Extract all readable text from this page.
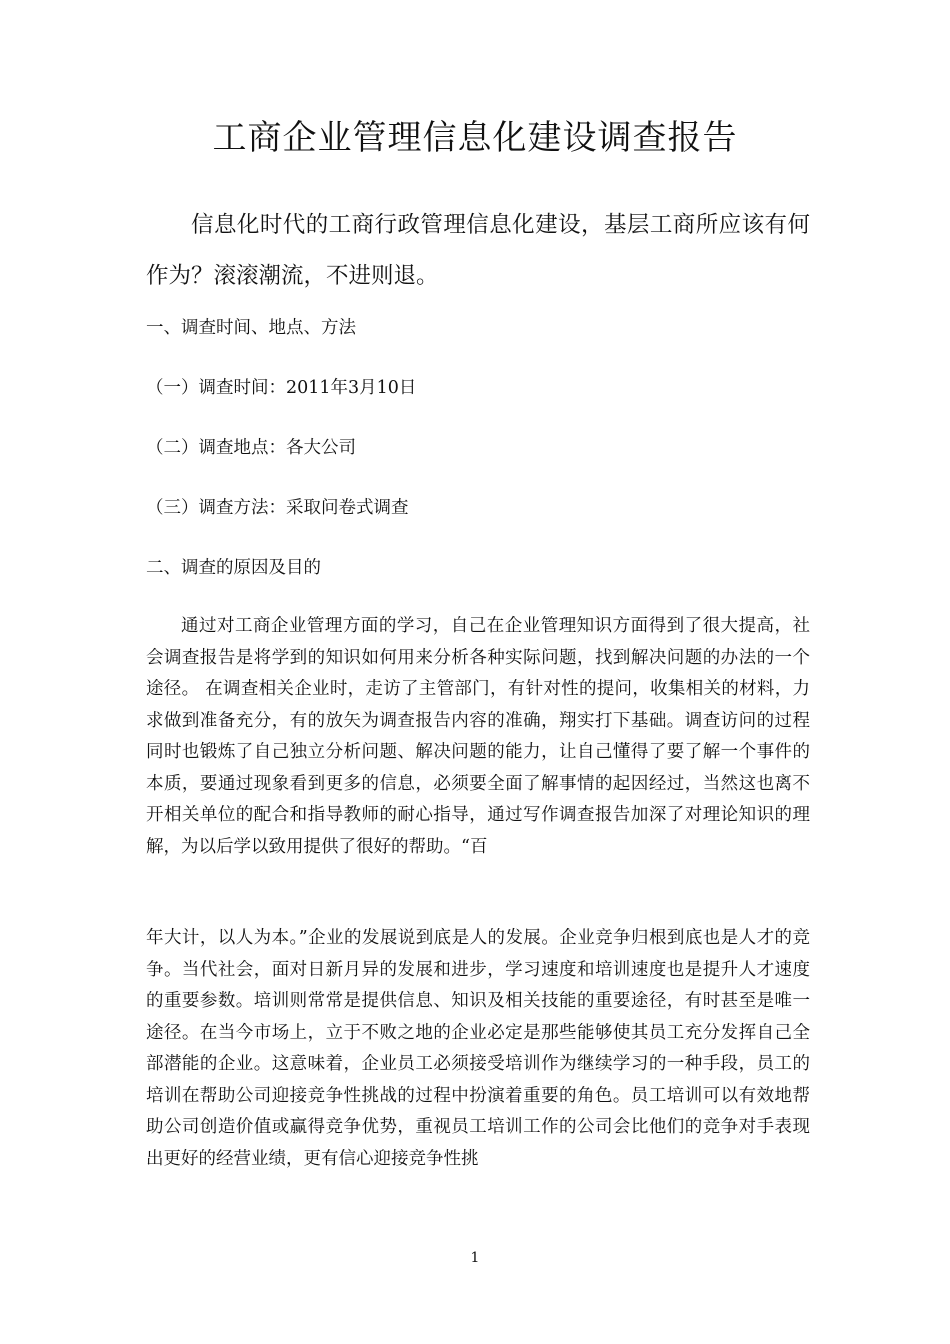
工商企业管理信息化建设调查报告

信息化时代的工商行政管理信息化建设，基层工商所应该有何作为？滚滚潮流，不进则退。

一、调查时间、地点、方法

（一）调查时间：2011年3月10日

（二）调查地点：各大公司

（三）调查方法：采取问卷式调查

二、调查的原因及目的

通过对工商企业管理方面的学习，自己在企业管理知识方面得到了很大提高，社会调查报告是将学到的知识如何用来分析各种实际问题，找到解决问题的办法的一个途径。 在调查相关企业时，走访了主管部门，有针对性的提问，收集相关的材料，力求做到准备充分，有的放矢为调查报告内容的准确，翔实打下基础。调查访问的过程同时也锻炼了自己独立分析问题、解决问题的能力，让自己懂得了要了解一个事件的本质，要通过现象看到更多的信息，必须要全面了解事情的起因经过，当然这也离不开相关单位的配合和指导教师的耐心指导，通过写作调查报告加深了对理论知识的理解，为以后学以致用提供了很好的帮助。“百

年大计，以人为本。”企业的发展说到底是人的发展。企业竞争归根到底也是人才的竞争。当代社会，面对日新月异的发展和进步，学习速度和培训速度也是提升人才速度的重要参数。培训则常常是提供信息、知识及相关技能的重要途径，有时甚至是唯一途径。在当今市场上，立于不败之地的企业必定是那些能够使其员工充分发挥自己全部潜能的企业。这意味着，企业员工必须接受培训作为继续学习的一种手段，员工的培训在帮助公司迎接竞争性挑战的过程中扮演着重要的角色。员工培训可以有效地帮助公司创造价值或赢得竞争优势，重视员工培训工作的公司会比他们的竞争对手表现出更好的经营业绩，更有信心迎接竞争性挑

1
